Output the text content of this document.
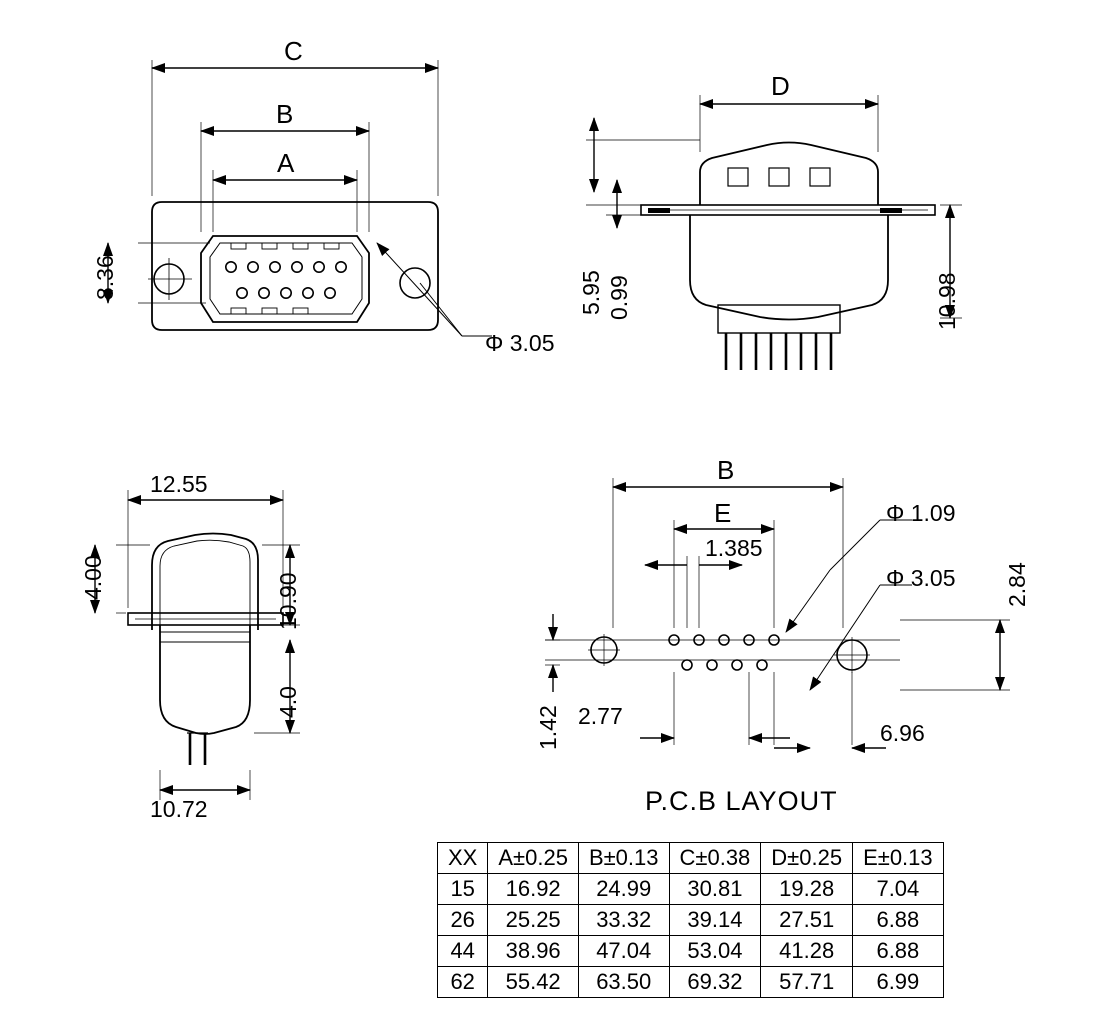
C
B
A
8.36
Φ 3.05
D
5.95 0.99	10.98
12.55
4.00	10.90
4.0
10.72
B
E
1.385
Φ 1.09
Φ 3.05 2.84
1.42 2.77
6.96
P.C.B LAYOUT
XX	A±0.25	B±0.13	C±0.38	D±0.25	E±0.13
15	16.92	24.99	30.81	19.28	7.04
26	25.25	33.32	39.14	27.51	6.88
44	38.96	47.04	53.04	41.28	6.88
62	55.42	63.50	69.32	57.71	6.99
